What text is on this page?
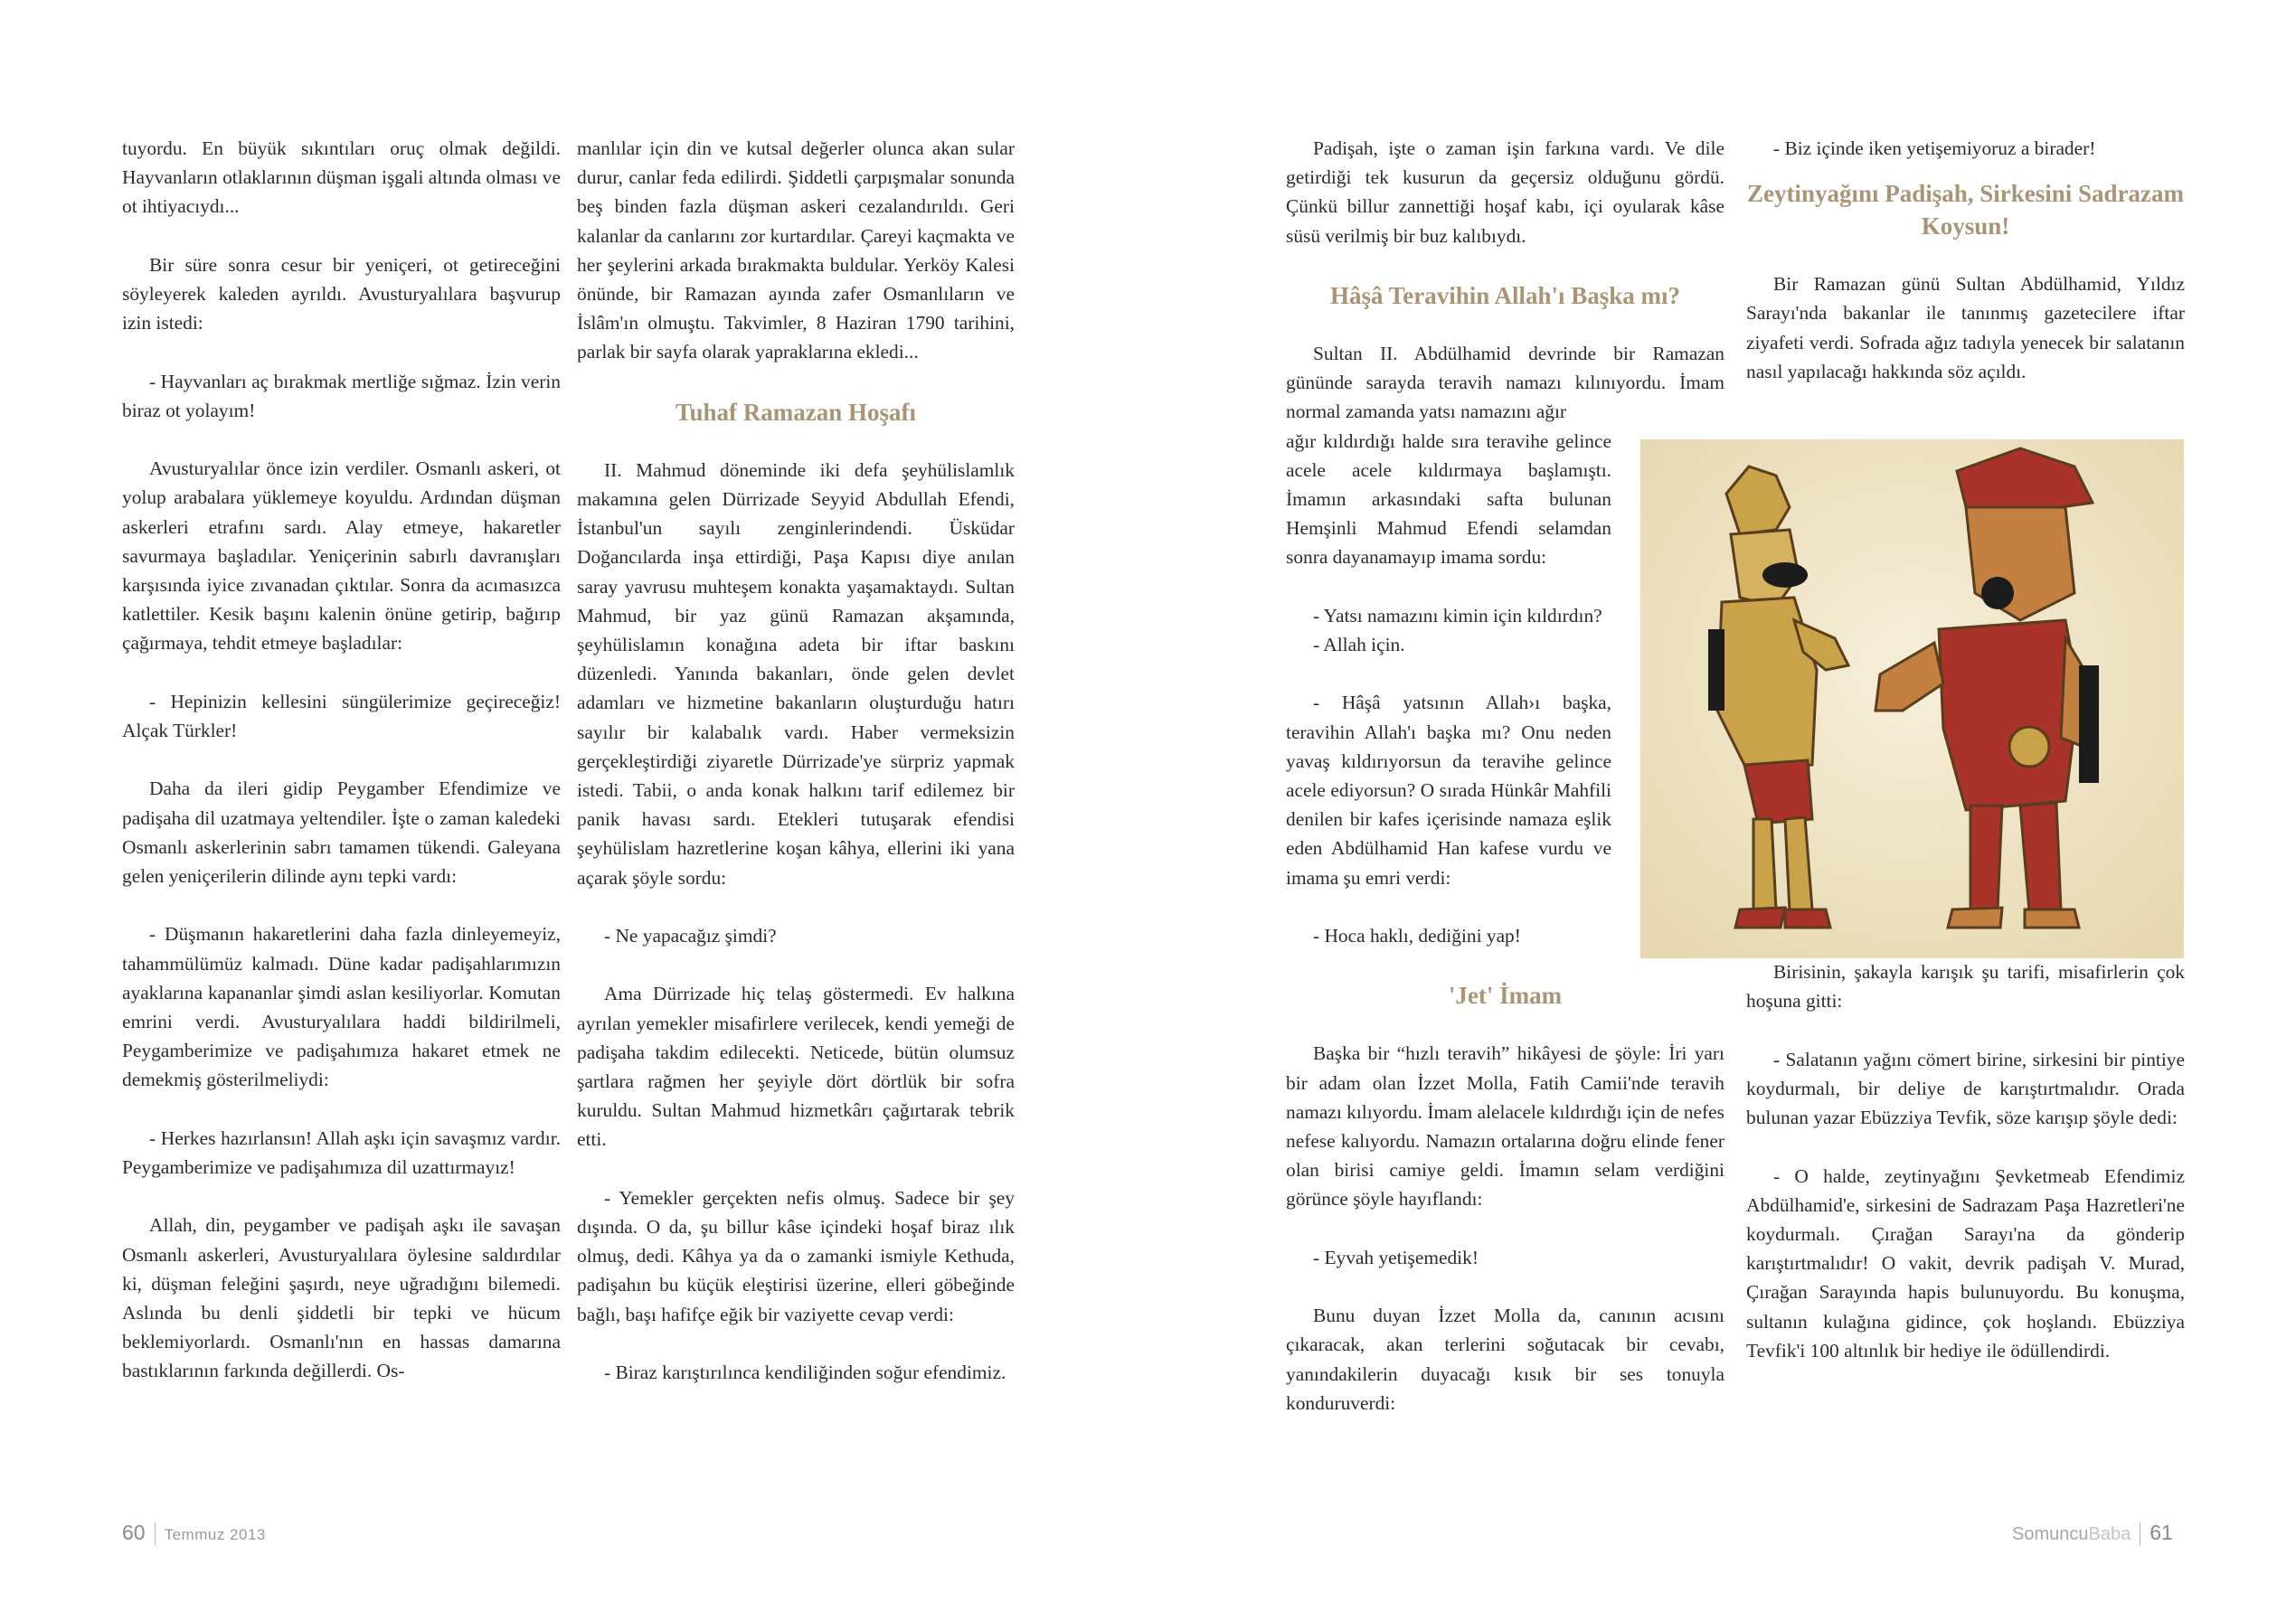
tuyordu. En büyük sıkıntıları oruç olmak değildi. Hayvanların otlaklarının düşman işgali altında olması ve ot ihtiyacıydı...

Bir süre sonra cesur bir yeniçeri, ot getireceğini söyleyerek kaleden ayrıldı. Avusturyalılara başvurup izin istedi:

- Hayvanları aç bırakmak mertliğe sığmaz. İzin verin biraz ot yolayım!

Avusturyalılar önce izin verdiler. Osmanlı askeri, ot yolup arabalara yüklemeye koyuldu. Ardından düşman askerleri etrafını sardı. Alay etmeye, hakaretler savurmaya başladılar. Yeniçerinin sabırlı davranışları karşısında iyice zıvanadan çıktılar. Sonra da acımasızca katlettiler. Kesik başını kalenin önüne getirip, bağırıp çağırmaya, tehdit etmeye başladılar:

- Hepinizin kellesini süngülerimize geçireceğiz! Alçak Türkler!

Daha da ileri gidip Peygamber Efendimize ve padişaha dil uzatmaya yeltendiler. İşte o zaman kaledeki Osmanlı askerlerinin sabrı tamamen tükendi. Galeyana gelen yeniçerilerin dilinde aynı tepki vardı:

- Düşmanın hakaretlerini daha fazla dinleyemeyiz, tahammülümüz kalmadı. Düne kadar padişahlarımızın ayaklarına kapananlar şimdi aslan kesiliyorlar. Komutan emrini verdi. Avusturyalılara haddi bildirilmeli, Peygamberimize ve padişahımıza hakaret etmek ne demekmiş gösterilmeliydi:

- Herkes hazırlansın! Allah aşkı için savaşmız vardır. Peygamberimize ve padişahımıza dil uzattırmayız!

Allah, din, peygamber ve padişah aşkı ile savaşan Osmanlı askerleri, Avusturyalılara öylesine saldırdılar ki, düşman feleğini şaşırdı, neye uğradığını bilemedi. Aslında bu denli şiddetli bir tepki ve hücum beklemiyorlardı. Osmanlı'nın en hassas damarına bastıklarının farkında değillerdi. Os-

manlılar için din ve kutsal değerler olunca akan sular durur, canlar feda edilirdi. Şiddetli çarpışmalar sonunda beş binden fazla düşman askeri cezalandırıldı. Geri kalanlar da canlarını zor kurtardılar. Çareyi kaçmakta ve her şeylerini arkada bırakmakta buldular. Yerköy Kalesi önünde, bir Ramazan ayında zafer Osmanlıların ve İslâm'ın olmuştu. Takvimler, 8 Haziran 1790 tarihini, parlak bir sayfa olarak yapraklarına ekledi...

Tuhaf Ramazan Hoşafı

II. Mahmud döneminde iki defa şeyhülislamlık makamına gelen Dürrizade Seyyid Abdullah Efendi, İstanbul'un sayılı zenginlerindendi. Üsküdar Doğancılarda inşa ettirdiği, Paşa Kapısı diye anılan saray yavrusu muhteşem konakta yaşamaktaydı. Sultan Mahmud, bir yaz günü Ramazan akşamında, şeyhülislamın konağına adeta bir iftar baskını düzenledi. Yanında bakanları, önde gelen devlet adamları ve hizmetine bakanların oluşturduğu hatırı sayılır bir kalabalık vardı. Haber vermeksizin gerçekleştirdiği ziyaretle Dürrizade'ye sürpriz yapmak istedi. Tabii, o anda konak halkını tarif edilemez bir panik havası sardı. Etekleri tutuşarak efendisi şeyhülislam hazretlerine koşan kâhya, ellerini iki yana açarak şöyle sordu:

- Ne yapacağız şimdi?

Ama Dürrizade hiç telaş göstermedi. Ev halkına ayrılan yemekler misafirlere verilecek, kendi yemeği de padişaha takdim edilecekti. Neticede, bütün olumsuz şartlara rağmen her şeyiyle dört dörtlük bir sofra kuruldu. Sultan Mahmud hizmetkârı çağırtarak tebrik etti.

- Yemekler gerçekten nefis olmuş. Sadece bir şey dışında. O da, şu billur kâse içindeki hoşaf biraz ılık olmuş, dedi. Kâhya ya da o zamanki ismiyle Kethuda, padişahın bu küçük eleştirisi üzerine, elleri göbeğinde bağlı, başı hafifçe eğik bir vaziyette cevap verdi:

- Biraz karıştırılınca kendiliğinden soğur efendimiz.

60 Temmuz 2013

Padişah, işte o zaman işin farkına vardı. Ve dile getirdiği tek kusurun da geçersiz olduğunu gördü. Çünkü billur zannettiği hoşaf kabı, içi oyularak kâse süsü verilmiş bir buz kalıbıydı.

Hâşâ Teravihin Allah'ı Başka mı?

Sultan II. Abdülhamid devrinde bir Ramazan gününde sarayda teravih namazı kılınıyordu. İmam normal zamanda yatsı namazını ağır

ağır kıldırdığı halde sıra teravihe gelince acele acele kıldırmaya başlamıştı. İmamın arkasındaki safta bulunan Hemşinli Mahmud Efendi selamdan sonra dayanamayıp imama sordu:

- Yatsı namazını kimin için kıldırdın?

- Allah için.

- Hâşâ yatsının Allah›ı başka, teravihin Allah'ı başka mı? Onu neden yavaş kıldırıyorsun da teravihe gelince acele ediyorsun? O sırada Hünkâr Mahfili denilen bir kafes içerisinde namaza eşlik eden Abdülhamid Han kafese vurdu ve imama şu emri verdi:

- Hoca haklı, dediğini yap!

'Jet' İmam

Başka bir “hızlı teravih” hikâyesi de şöyle: İri yarı bir adam olan İzzet Molla, Fatih Camii'nde teravih namazı kılıyordu. İmam alelacele kıldırdığı için de nefes nefese kalıyordu. Namazın ortalarına doğru elinde fener olan birisi camiye geldi. İmamın selam verdiğini görünce şöyle hayıflandı:

- Eyvah yetişemedik!

Bunu duyan İzzet Molla da, canının acısını çıkaracak, akan terlerini soğutacak bir cevabı, yanındakilerin duyacağı kısık bir ses tonuyla konduruverdi:

- Biz içinde iken yetişemiyoruz a birader!

Zeytinyağını Padişah, Sirkesini Sadrazam Koysun!

Bir Ramazan günü Sultan Abdülhamid, Yıldız Sarayı'nda bakanlar ile tanınmış gazetecilere iftar ziyafeti verdi. Sofrada ağız tadıyla yenecek bir salatanın nasıl yapılacağı hakkında söz açıldı.

Birisinin, şakayla karışık şu tarifi, misafirlerin çok hoşuna gitti:

- Salatanın yağını cömert birine, sirkesini bir pintiye koydurmalı, bir deliye de karıştırtmalıdır. Orada bulunan yazar Ebüzziya Tevfik, söze karışıp şöyle dedi:

- O halde, zeytinyağını Şevketmeab Efendimiz Abdülhamid'e, sirkesini de Sadrazam Paşa Hazretleri'ne koydurmalı. Çırağan Sarayı'na da gönderip karıştırtmalıdır! O vakit, devrik padişah V. Murad, Çırağan Sarayında hapis bulunuyordu. Bu konuşma, sultanın kulağına gidince, çok hoşlandı. Ebüzziya Tevfik'i 100 altınlık bir hediye ile ödüllendirdi.

SomuncuBaba 61
